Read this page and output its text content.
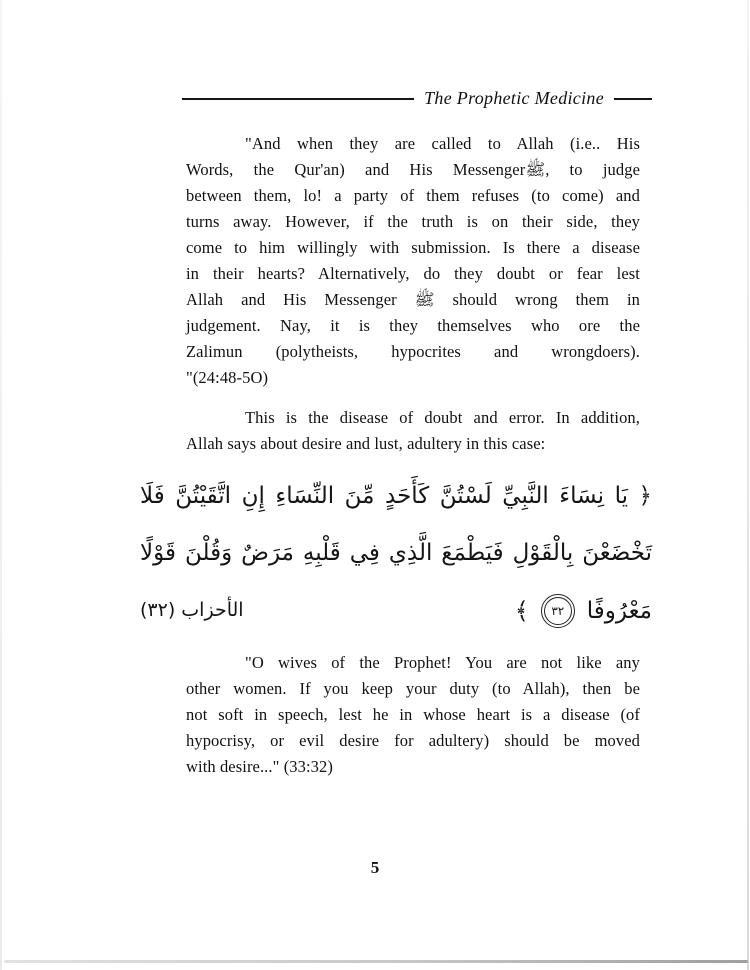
The Prophetic Medicine
"And when they are called to Allah (i.e.. His
Words, the Qur'an) and His Messengerﷺ, to judge
between them, lo! a party of them refuses (to come) and
turns away. However, if the truth is on their side, they
come to him willingly with submission. Is there a disease
in their hearts? Alternatively, do they doubt or fear lest
Allah and His Messenger ﷺ should wrong them in
judgement. Nay, it is they themselves who ore the
Zalimun (polytheists, hypocrites and wrongdoers).
"(24:48-5O)
This is the disease of doubt and error. In addition,
Allah says about desire and lust, adultery in this case:
﴿ يَا نِسَاءَ النَّبِيِّ لَسْتُنَّ كَأَحَدٍ مِّنَ النِّسَاءِ إِنِ اتَّقَيْتُنَّ فَلَا
تَخْضَعْنَ بِالْقَوْلِ فَيَطْمَعَ الَّذِي فِي قَلْبِهِ مَرَضٌ وَقُلْنَ قَوْلًا
مَعْرُوفًا
٣٢
﴾
الأحزاب (٣٢)
"O wives of the Prophet! You are not like any
other women. If you keep your duty (to Allah), then be
not soft in speech, lest he in whose heart is a disease (of
hypocrisy, or evil desire for adultery) should be moved
with desire..." (33:32)
5
